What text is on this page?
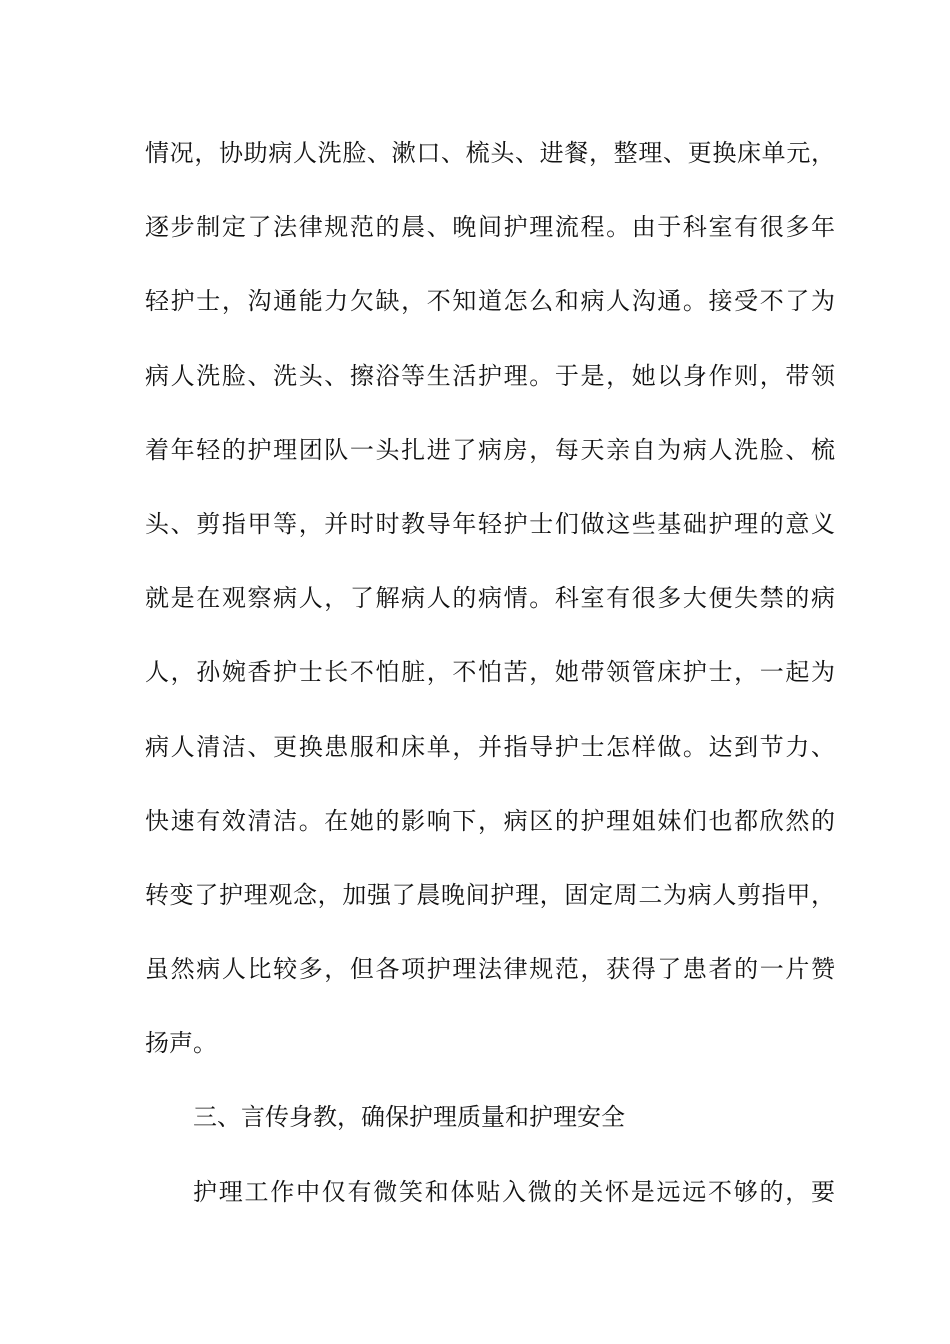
情况，协助病人洗脸、漱口、梳头、进餐，整理、更换床单元，
逐步制定了法律规范的晨、晚间护理流程。由于科室有很多年
轻护士，沟通能力欠缺，不知道怎么和病人沟通。接受不了为
病人洗脸、洗头、擦浴等生活护理。于是，她以身作则，带领
着年轻的护理团队一头扎进了病房，每天亲自为病人洗脸、梳
头、剪指甲等，并时时教导年轻护士们做这些基础护理的意义
就是在观察病人，了解病人的病情。科室有很多大便失禁的病
人，孙婉香护士长不怕脏，不怕苦，她带领管床护士，一起为
病人清洁、更换患服和床单，并指导护士怎样做。达到节力、
快速有效清洁。在她的影响下，病区的护理姐妹们也都欣然的
转变了护理观念，加强了晨晚间护理，固定周二为病人剪指甲，
虽然病人比较多，但各项护理法律规范，获得了患者的一片赞
扬声。
三、言传身教，确保护理质量和护理安全
护理工作中仅有微笑和体贴入微的关怀是远远不够的，要
